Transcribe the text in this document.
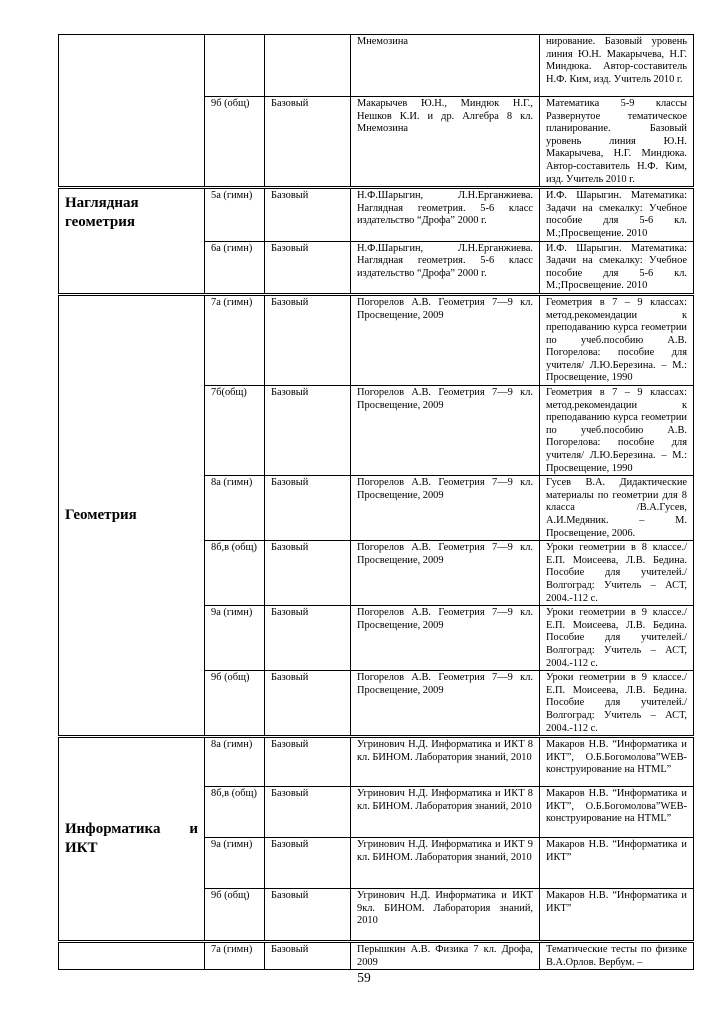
			Мнемозина	нирование. Базовый уровень линия Ю.Н. Макарычева, Н.Г. Миндюка. Автор-составитель Н.Ф. Ким, изд. Учитель 2010 г.
	9б (общ)	Базовый	Макарычев Ю.Н., Миндюк Н.Г., Нешков К.И. и др. Алгебра 8 кл. Мнемозина	Математика 5-9 классы Развернутое тематическое планирование. Базовый уровень линия Ю.Н. Макарычева, Н.Г. Миндюка. Автор-составитель Н.Ф. Ким, изд. Учитель 2010 г.
Наглядная геометрия	5а (гимн)	Базовый	Н.Ф.Шарыгин, Л.Н.Ерганжиева. Наглядная геометрия. 5-6 класс издательство “Дрофа” 2000 г.	И.Ф. Шарыгин. Математика: Задачи на смекалку: Учебное пособие для 5-6 кл. М.;Просвещение. 2010
	6а (гимн)	Базовый	Н.Ф.Шарыгин, Л.Н.Ерганжиева. Наглядная геометрия. 5-6 класс издательство “Дрофа” 2000 г.	И.Ф. Шарыгин. Математика: Задачи на смекалку: Учебное пособие для 5-6 кл. М.;Просвещение. 2010
Геометрия	7а (гимн)	Базовый	Погорелов А.В. Геометрия 7—9 кл. Просвещение, 2009	Геометрия в 7 – 9 классах: метод.рекомендации к преподаванию курса геометрии по учеб.пособию А.В. Погорелова: пособие для учителя/ Л.Ю.Березина. – М.: Просвещение, 1990
	7б(общ)	Базовый	Погорелов А.В. Геометрия 7—9 кл. Просвещение, 2009	Геометрия в 7 – 9 классах: метод.рекомендации к преподаванию курса геометрии по учеб.пособию А.В. Погорелова: пособие для учителя/ Л.Ю.Березина. – М.: Просвещение, 1990
	8а (гимн)	Базовый	Погорелов А.В. Геометрия 7—9 кл. Просвещение, 2009	Гусев В.А. Дидактические материалы по геометрии для 8 класса /В.А.Гусев, А.И.Медяник. – М. Просвещение, 2006.
	8б,в (общ)	Базовый	Погорелов А.В. Геометрия 7—9 кл. Просвещение, 2009	Уроки геометрии в 8 классе./Е.П. Моисеева, Л.В. Бедина. Пособие для учителей./Волгоград: Учитель – АСТ, 2004.-112 с.
	9а (гимн)	Базовый	Погорелов А.В. Геометрия 7—9 кл. Просвещение, 2009	Уроки геометрии в 9 классе./Е.П. Моисеева, Л.В. Бедина. Пособие для учителей./Волгоград: Учитель – АСТ, 2004.-112 с.
	9б (общ)	Базовый	Погорелов А.В. Геометрия 7—9 кл. Просвещение, 2009	Уроки геометрии в 9 классе./Е.П. Моисеева, Л.В. Бедина. Пособие для учителей./Волгоград: Учитель – АСТ, 2004.-112 с.
Информатика и ИКТ	8а (гимн)	Базовый	Угринович Н.Д. Информатика и ИКТ 8 кл. БИНОМ. Лаборатория знаний, 2010	Макаров Н.В. “Информатика и ИКТ”, О.Б.Богомолова”WEB-конструирование на HTML”
	8б,в (общ)	Базовый	Угринович Н.Д. Информатика и ИКТ 8 кл. БИНОМ. Лаборатория знаний, 2010	Макаров Н.В. “Информатика и ИКТ”, О.Б.Богомолова”WEB-конструирование на HTML”
	9а (гимн)	Базовый	Угринович Н.Д. Информатика и ИКТ 9 кл. БИНОМ. Лаборатория знаний, 2010	Макаров Н.В. “Информатика и ИКТ”
	9б (общ)	Базовый	Угринович Н.Д. Информатика и ИКТ 9кл. БИНОМ. Лаборатория знаний, 2010	Макаров Н.В. “Информатика и ИКТ”
	7а (гимн)	Базовый	Перышкин А.В. Физика 7 кл. Дрофа, 2009	Тематические тесты по физике В.А.Орлов. Вербум. –
59
